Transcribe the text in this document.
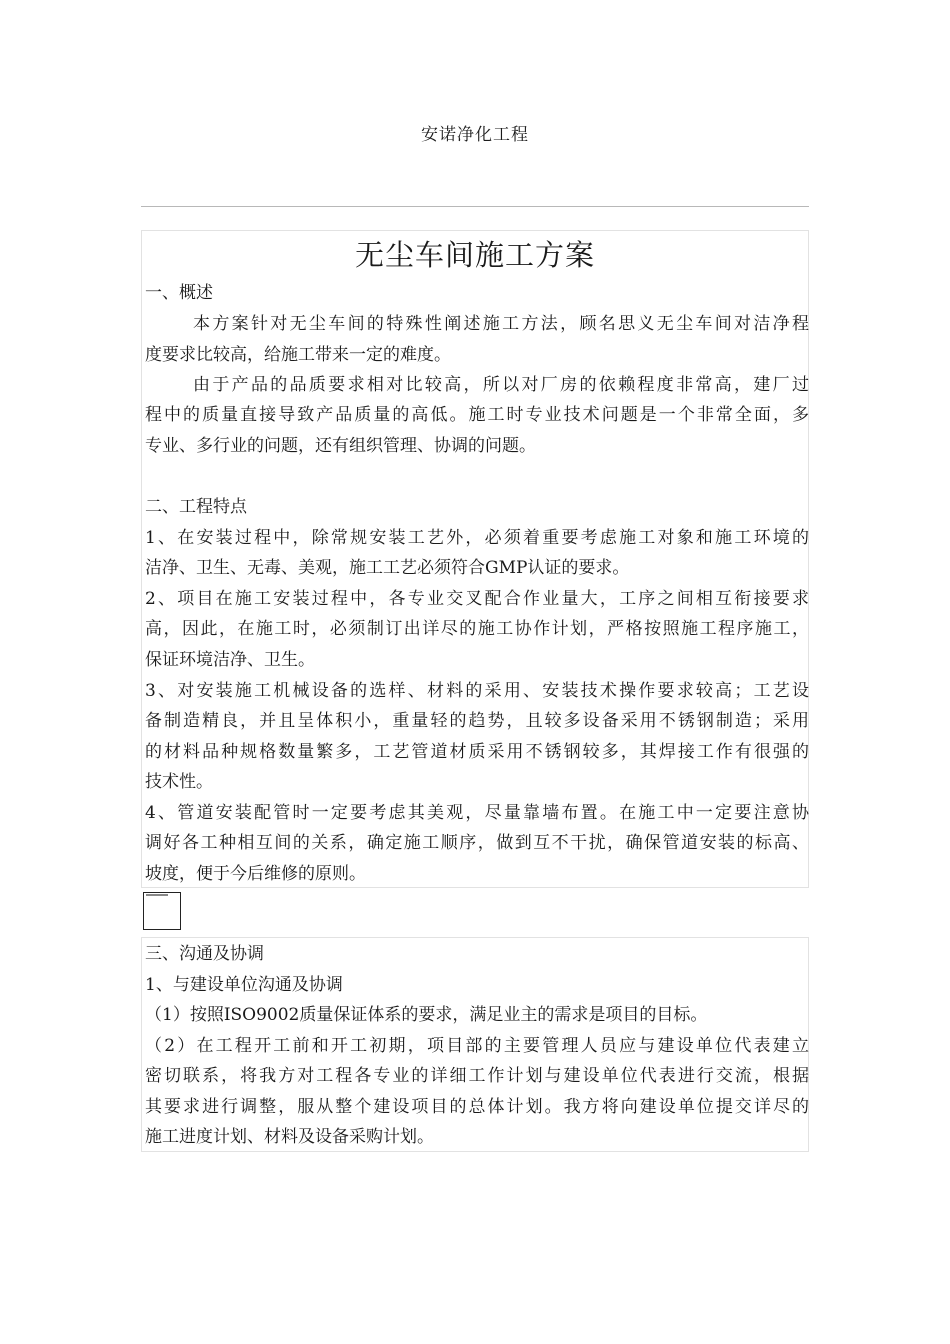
安诺净化工程
无尘车间施工方案
一、概述
本方案针对无尘车间的特殊性阐述施工方法，顾名思义无尘车间对洁净程
度要求比较高，给施工带来一定的难度。
由于产品的品质要求相对比较高，所以对厂房的依赖程度非常高，建厂过
程中的质量直接导致产品质量的高低。施工时专业技术问题是一个非常全面，多
专业、多行业的问题，还有组织管理、协调的问题。
二、工程特点
1、在安装过程中，除常规安装工艺外，必须着重要考虑施工对象和施工环境的
洁净、卫生、无毒、美观，施工工艺必须符合GMP认证的要求。
2、项目在施工安装过程中，各专业交叉配合作业量大，工序之间相互衔接要求
高，因此，在施工时，必须制订出详尽的施工协作计划，严格按照施工程序施工，
保证环境洁净、卫生。
3、对安装施工机械设备的选样、材料的采用、安装技术操作要求较高；工艺设
备制造精良，并且呈体积小，重量轻的趋势，且较多设备采用不锈钢制造；采用
的材料品种规格数量繁多，工艺管道材质采用不锈钢较多，其焊接工作有很强的
技术性。
4、管道安装配管时一定要考虑其美观，尽量靠墙布置。在施工中一定要注意协
调好各工种相互间的关系，确定施工顺序，做到互不干扰，确保管道安装的标高、
坡度，便于今后维修的原则。
三、沟通及协调
1、与建设单位沟通及协调
（1）按照ISO9002质量保证体系的要求，满足业主的需求是项目的目标。
（2）在工程开工前和开工初期，项目部的主要管理人员应与建设单位代表建立
密切联系，将我方对工程各专业的详细工作计划与建设单位代表进行交流，根据
其要求进行调整，服从整个建设项目的总体计划。我方将向建设单位提交详尽的
施工进度计划、材料及设备采购计划。
